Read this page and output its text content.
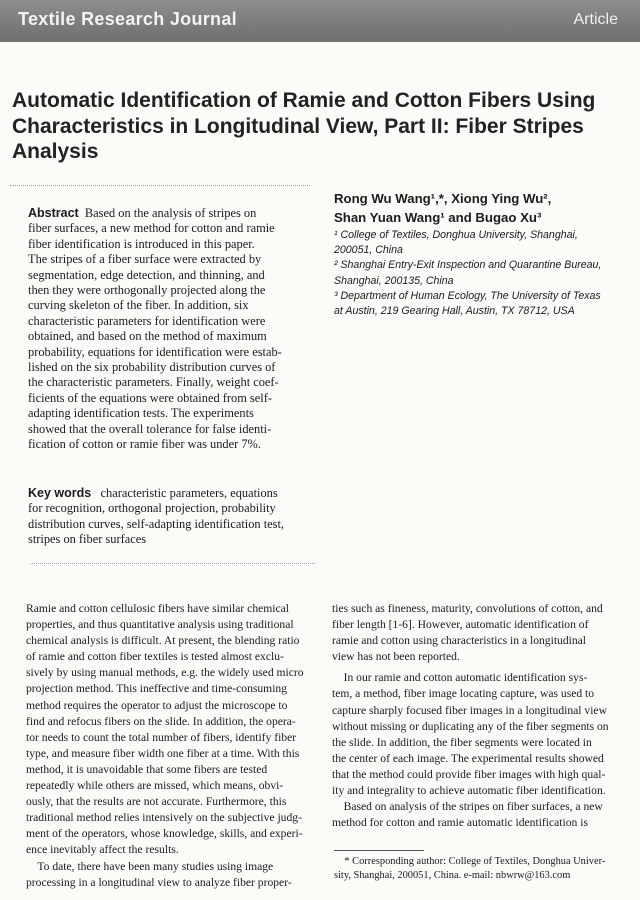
Textile Research Journal	Article
Automatic Identification of Ramie and Cotton Fibers Using
Characteristics in Longitudinal View, Part II: Fiber Stripes
Analysis
Abstract Based on the analysis of stripes on
fiber surfaces, a new method for cotton and ramie
fiber identification is introduced in this paper.
The stripes of a fiber surface were extracted by
segmentation, edge detection, and thinning, and
then they were orthogonally projected along the
curving skeleton of the fiber. In addition, six
characteristic parameters for identification were
obtained, and based on the method of maximum
probability, equations for identification were estab-
lished on the six probability distribution curves of
the characteristic parameters. Finally, weight coef-
ficients of the equations were obtained from self-
adapting identification tests. The experiments
showed that the overall tolerance for false identi-
fication of cotton or ramie fiber was under 7%.
Key words characteristic parameters, equations
for recognition, orthogonal projection, probability
distribution curves, self-adapting identification test,
stripes on fiber surfaces
Rong Wu Wang¹,*, Xiong Ying Wu²,
Shan Yuan Wang¹ and Bugao Xu³
¹ College of Textiles, Donghua University, Shanghai,
200051, China
² Shanghai Entry-Exit Inspection and Quarantine Bureau,
Shanghai, 200135, China
³ Department of Human Ecology, The University of Texas
at Austin, 219 Gearing Hall, Austin, TX 78712, USA
Ramie and cotton cellulosic fibers have similar chemical
properties, and thus quantitative analysis using traditional
chemical analysis is difficult. At present, the blending ratio
of ramie and cotton fiber textiles is tested almost exclu-
sively by using manual methods, e.g. the widely used micro
projection method. This ineffective and time-consuming
method requires the operator to adjust the microscope to
find and refocus fibers on the slide. In addition, the opera-
tor needs to count the total number of fibers, identify fiber
type, and measure fiber width one fiber at a time. With this
method, it is unavoidable that some fibers are tested
repeatedly while others are missed, which means, obvi-
ously, that the results are not accurate. Furthermore, this
traditional method relies intensively on the subjective judg-
ment of the operators, whose knowledge, skills, and experi-
ence inevitably affect the results.
To date, there have been many studies using image
processing in a longitudinal view to analyze fiber proper-
ties such as fineness, maturity, convolutions of cotton, and
fiber length [1-6]. However, automatic identification of
ramie and cotton using characteristics in a longitudinal
view has not been reported.
In our ramie and cotton automatic identification sys-
tem, a method, fiber image locating capture, was used to
capture sharply focused fiber images in a longitudinal view
without missing or duplicating any of the fiber segments on
the slide. In addition, the fiber segments were located in
the center of each image. The experimental results showed
that the method could provide fiber images with high qual-
ity and integrality to achieve automatic fiber identification.
Based on analysis of the stripes on fiber surfaces, a new
method for cotton and ramie automatic identification is
* Corresponding author: College of Textiles, Donghua Univer-
sity, Shanghai, 200051, China. e-mail: nbwrw@163.com
